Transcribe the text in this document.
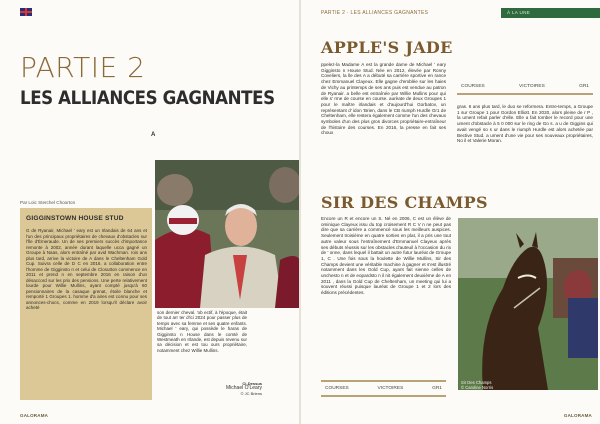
PARTIE 2
LES ALLIANCES GAGNANTES
A
Par Loic Sterchel Choorton
GIGGINSTOWN HOUSE STUD
G de Ryanair, Michael ' eary est un Irlandais de 64 ans et l'un des principaux propriétaires de chevaux d'obstacles sur l'Île d'Émeraude. Un de ses premiers succès d'importance remonte à 2002, année durant laquelle ucca gagné un Groupe à Naas, alors entraîné par avid Wachman. rois ans plus tard, arrive la victoire de A dans le Cheltenham Gold Cup. Suivra celle de D C en 2016. a collaboration entre l'homme de Gigginsto n et celui de Closutton commence en 2011 et prend n en septembre 2016 en raison d'un désaccord sur les prix des pensions. Une perte relativement lourde pour Willie Mullins, ayant compté jusqu'à 60 pensionnaires de la casaque grenat, étoile blanche et remporté 1 Groupes 1. homme d'a aires est connu pour ses annonces-chocs, comme en 2019 lorsqu'il déclare avoir acheté
son dernier cheval. 'ob ectif, à l'époque, était de tout arr ter d'ici 2024 pour passer plus de temps avec sa femme et ses quatre enfants. Michael ' eary, qui possède le haras de Gigginsto n House dans le comté de Westmeath en Irlande, est depuis revenu sur sa décision et est tou ours propriétaire, notamment chez Willie Mullins.
Ci-Dessus
Michael O'Leary
© JC Briens
GALORAMA
PARTIE 2 · LES ALLIANCES GAGNANTES	À LA UNE
APPLE'S JADE
ppelez-la Madame A est la grande dame de Michael ' eary Gigginsto n House Stud. Née en 2012, élevée par Ronny Coveliers, la lle des A a débuté sa carrière sportive en rance chez Emmanuel Clayeux. Elle gagne d'emblée sur les haies de Vichy au printemps de ses ans puis est vendue au patron de Ryanair. a belle est entraînée par Willie Mullins pour qui elle s' rme de course en course. aurèate de deux Groupes 1 pour le maître irlandais et d'aujourd'hui Gorbatov, un représentant d' idon 'Brien, dans le CB riumph Hurdle Gr1 de Cheltenham, elle restera également comme l'un des chevaux symboles d'un des plus gros divorces propriétaire-entraîneur de l'histoire des courses. En 2016, la presse en fait ses choux
COURSES	VICTOIRES	GR1
gras. 6 ans plus tard, le duo se reformera. Entre-temps, a Groupe 1 sur Groupe 1 pour Gordon Elliott. En 2020, alors pleine de r P , la ument refait parler d'elle. Elle a fait tomber le record pour une ument d'obstacle à 5 0 000 sur le ring de Go s. a u de Giggins qui avait vengé so s ur dans le riumph Hurdle est alors achetée par Bective Stud. a ument d'une vie pour ses nouveaux propriétaires, No il et Valerie Moran.
SIR DES CHAMPS
Encore un R et encore un S. Né en 2006, C est un élève de ominique Clayeux issu du top croisement R C V n ne peut pas dire que sa carrière a commencé sous les meilleurs auspices. Seulement troisième en quatre sorties en plat, il a pris une tout autre valeur sous l'entraînement d'Emmanuel Clayeux après ses débuts réussis sur les obstacles d'auteuil à l'occasion du rix de ' onne, dans lequel il battait un autre futur lauréat de Groupe 1, C . Une fois sous la houlette de Willie Mullins, Sir des Champs devient une véritable machine à gagner et s'est illustré notamment dans les Gold Cup, ayant fait sienne celles de unchesto n et de eopardsto n il nit également deuxième de A en 2011 , dans la Gold Cup de Cheltenham, un meeting qui lui a souvent réussi puisque lauréat de Groupe 1 et 2 lors des éditions précédentes.
COURSES	VICTOIRES	GR1
Sir Des Champs
© Caroline Norris
GALORAMA
